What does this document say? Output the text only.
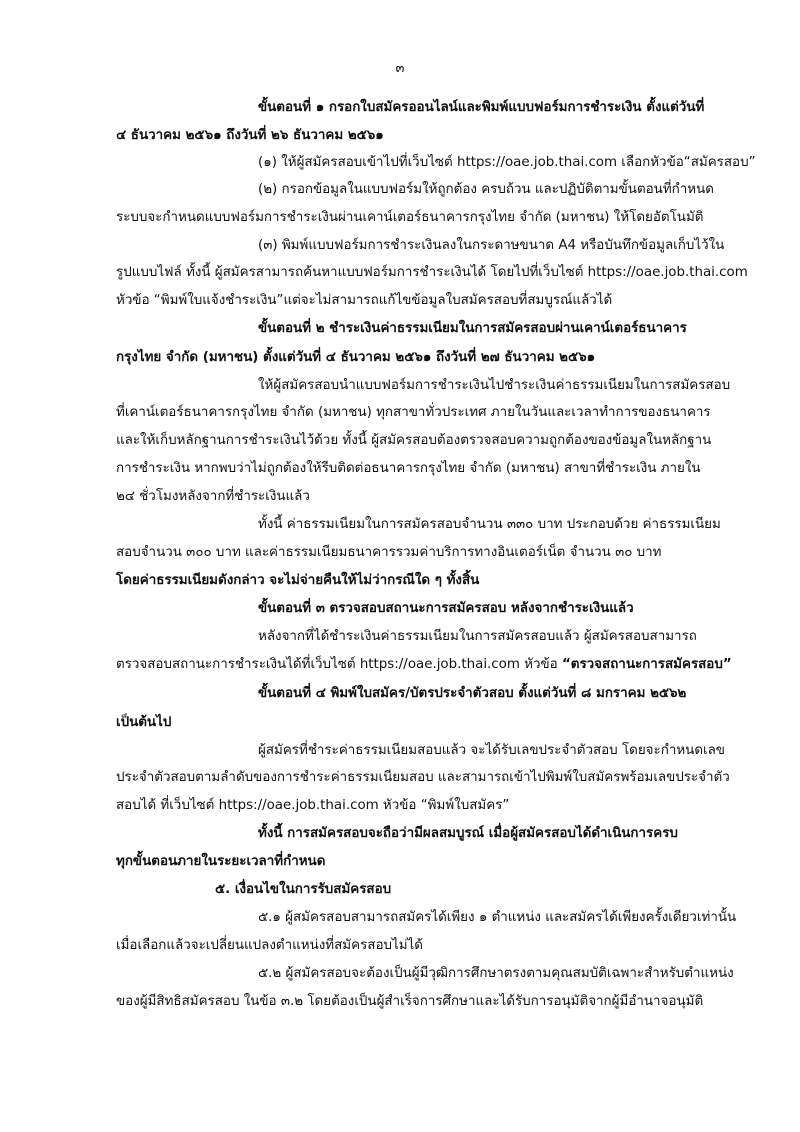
๓
ขั้นตอนที่ ๑ กรอกใบสมัครออนไลน์และพิมพ์แบบฟอร์มการชำระเงิน ตั้งแต่วันที่
๔ ธันวาคม ๒๕๖๑ ถึงวันที่ ๒๖ ธันวาคม ๒๕๖๑
(๑) ให้ผู้สมัครสอบเข้าไปที่เว็บไซต์ https://oae.job.thai.com เลือกหัวข้อ“สมัครสอบ”
(๒) กรอกข้อมูลในแบบฟอร์มให้ถูกต้อง ครบถ้วน และปฏิบัติตามขั้นตอนที่กำหนด
ระบบจะกำหนดแบบฟอร์มการชำระเงินผ่านเคาน์เตอร์ธนาคารกรุงไทย จำกัด (มหาชน) ให้โดยอัตโนมัติ
(๓) พิมพ์แบบฟอร์มการชำระเงินลงในกระดาษขนาด A4 หรือบันทึกข้อมูลเก็บไว้ใน
รูปแบบไฟล์ ทั้งนี้ ผู้สมัครสามารถค้นหาแบบฟอร์มการชำระเงินได้ โดยไปที่เว็บไซต์ https://oae.job.thai.com
หัวข้อ “พิมพ์ใบแจ้งชำระเงิน”แต่จะไม่สามารถแก้ไขข้อมูลใบสมัครสอบที่สมบูรณ์แล้วได้
ขั้นตอนที่ ๒ ชำระเงินค่าธรรมเนียมในการสมัครสอบผ่านเคาน์เตอร์ธนาคาร
กรุงไทย จำกัด (มหาชน) ตั้งแต่วันที่ ๔ ธันวาคม ๒๕๖๑ ถึงวันที่ ๒๗ ธันวาคม ๒๕๖๑
ให้ผู้สมัครสอบนำแบบฟอร์มการชำระเงินไปชำระเงินค่าธรรมเนียมในการสมัครสอบ
ที่เคาน์เตอร์ธนาคารกรุงไทย จำกัด (มหาชน) ทุกสาขาทั่วประเทศ ภายในวันและเวลาทำการของธนาคาร
และให้เก็บหลักฐานการชำระเงินไว้ด้วย ทั้งนี้ ผู้สมัครสอบต้องตรวจสอบความถูกต้องของข้อมูลในหลักฐาน
การชำระเงิน หากพบว่าไม่ถูกต้องให้รีบติดต่อธนาคารกรุงไทย จำกัด (มหาชน) สาขาที่ชำระเงิน ภายใน
๒๔ ชั่วโมงหลังจากที่ชำระเงินแล้ว
ทั้งนี้ ค่าธรรมเนียมในการสมัครสอบจำนวน ๓๓๐ บาท ประกอบด้วย ค่าธรรมเนียม
สอบจำนวน ๓๐๐ บาท และค่าธรรมเนียมธนาคารรวมค่าบริการทางอินเตอร์เน็ต จำนวน ๓๐ บาท
โดยค่าธรรมเนียมดังกล่าว จะไม่จ่ายคืนให้ไม่ว่ากรณีใด ๆ ทั้งสิ้น
ขั้นตอนที่ ๓ ตรวจสอบสถานะการสมัครสอบ หลังจากชำระเงินแล้ว
หลังจากที่ได้ชำระเงินค่าธรรมเนียมในการสมัครสอบแล้ว ผู้สมัครสอบสามารถ
ตรวจสอบสถานะการชำระเงินได้ที่เว็บไซต์ https://oae.job.thai.com หัวข้อ “ตรวจสถานะการสมัครสอบ”
ขั้นตอนที่ ๔ พิมพ์ใบสมัคร/บัตรประจำตัวสอบ ตั้งแต่วันที่ ๘ มกราคม ๒๕๖๒
เป็นต้นไป
ผู้สมัครที่ชำระค่าธรรมเนียมสอบแล้ว จะได้รับเลขประจำตัวสอบ โดยจะกำหนดเลข
ประจำตัวสอบตามลำดับของการชำระค่าธรรมเนียมสอบ และสามารถเข้าไปพิมพ์ใบสมัครพร้อมเลขประจำตัว
สอบได้ ที่เว็บไซต์ https://oae.job.thai.com หัวข้อ “พิมพ์ใบสมัคร”
ทั้งนี้ การสมัครสอบจะถือว่ามีผลสมบูรณ์ เมื่อผู้สมัครสอบได้ดำเนินการครบ
ทุกขั้นตอนภายในระยะเวลาที่กำหนด
๕. เงื่อนไขในการรับสมัครสอบ
๕.๑ ผู้สมัครสอบสามารถสมัครได้เพียง ๑ ตำแหน่ง และสมัครได้เพียงครั้งเดียวเท่านั้น
เมื่อเลือกแล้วจะเปลี่ยนแปลงตำแหน่งที่สมัครสอบไม่ได้
๕.๒ ผู้สมัครสอบจะต้องเป็นผู้มีวุฒิการศึกษาตรงตามคุณสมบัติเฉพาะสำหรับตำแหน่ง
ของผู้มีสิทธิสมัครสอบ ในข้อ ๓.๒ โดยต้องเป็นผู้สำเร็จการศึกษาและได้รับการอนุมัติจากผู้มีอำนาจอนุมัติ
